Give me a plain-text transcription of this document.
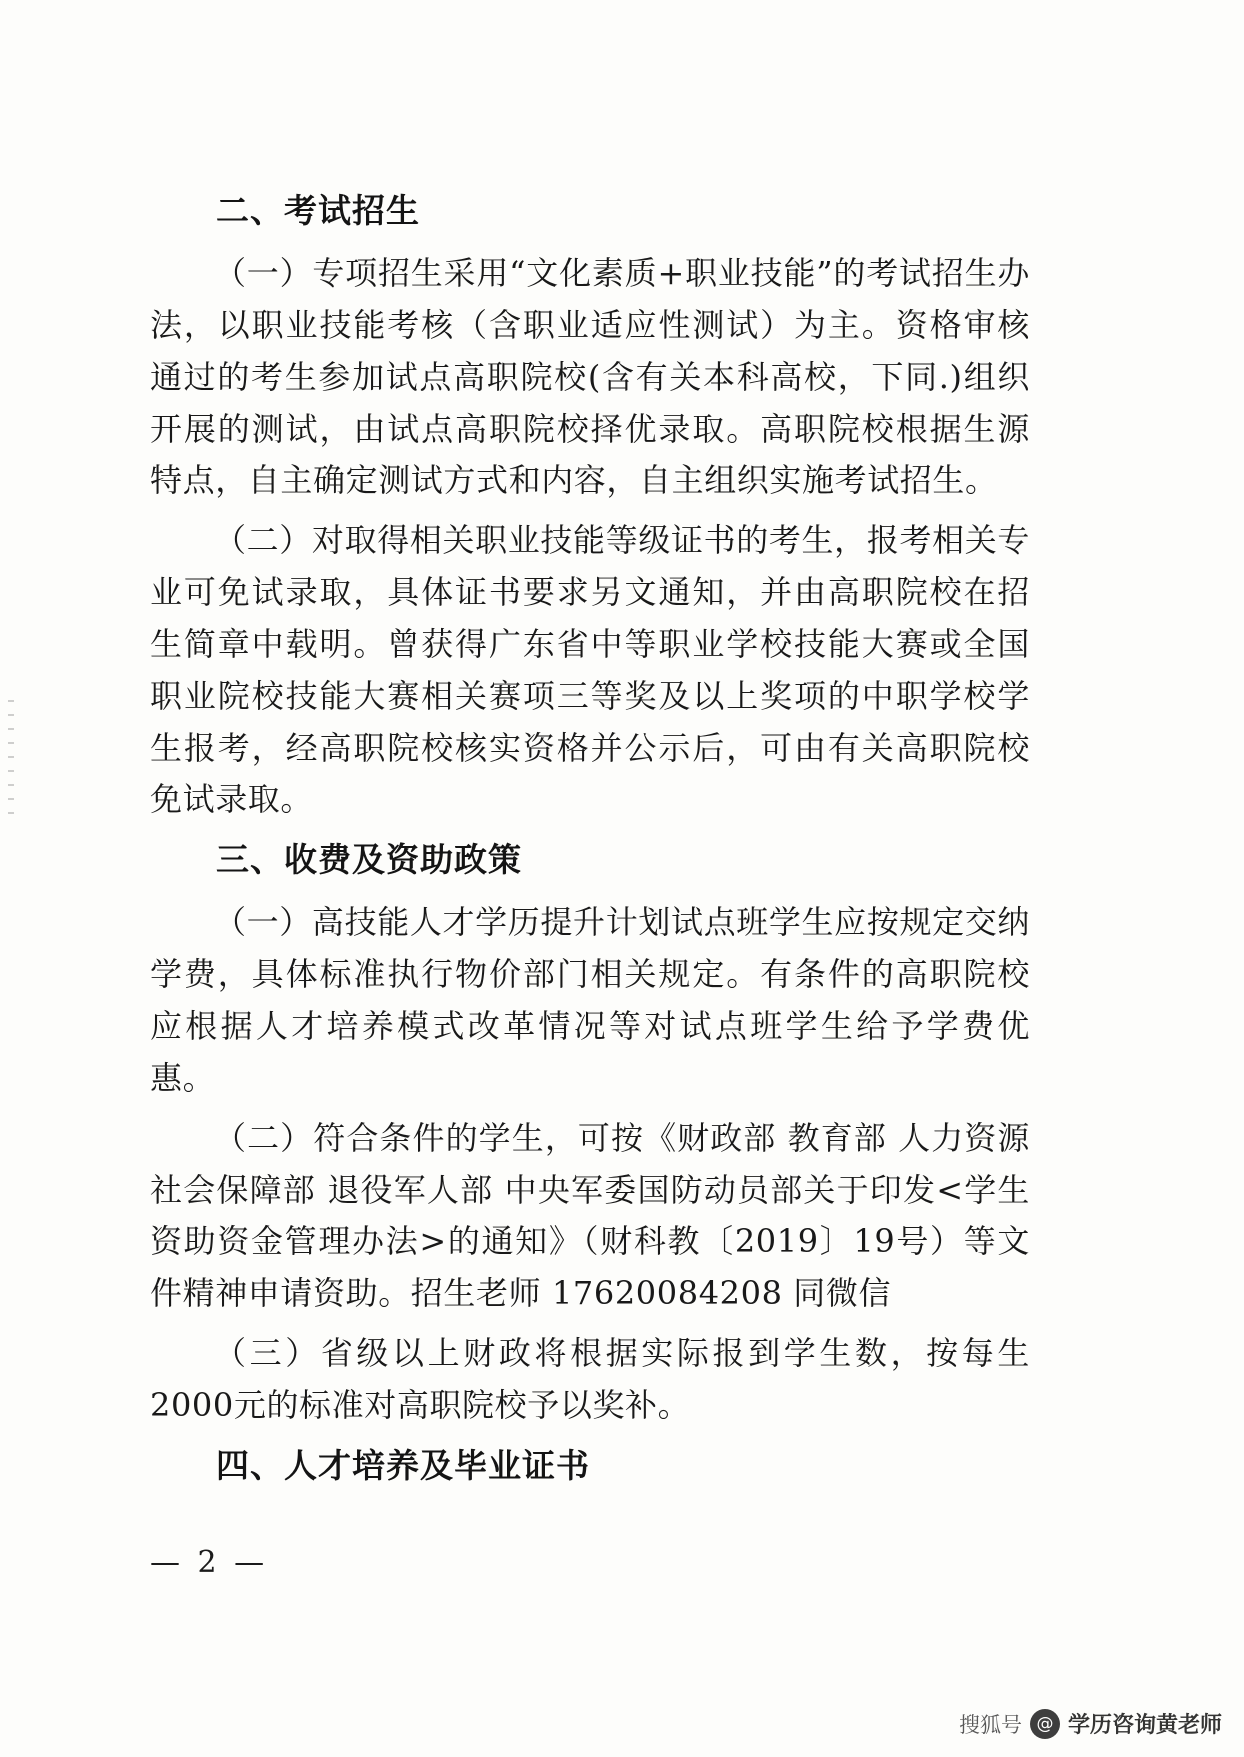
二、考试招生

（一）专项招生采用“文化素质+职业技能”的考试招生办法，以职业技能考核（含职业适应性测试）为主。资格审核通过的考生参加试点高职院校(含有关本科高校，下同.)组织开展的测试，由试点高职院校择优录取。高职院校根据生源特点，自主确定测试方式和内容，自主组织实施考试招生。

（二）对取得相关职业技能等级证书的考生，报考相关专业可免试录取，具体证书要求另文通知，并由高职院校在招生简章中载明。曾获得广东省中等职业学校技能大赛或全国职业院校技能大赛相关赛项三等奖及以上奖项的中职学校学生报考，经高职院校核实资格并公示后，可由有关高职院校免试录取。

三、收费及资助政策

（一）高技能人才学历提升计划试点班学生应按规定交纳学费，具体标准执行物价部门相关规定。有条件的高职院校应根据人才培养模式改革情况等对试点班学生给予学费优惠。

（二）符合条件的学生，可按《财政部 教育部 人力资源社会保障部 退役军人部 中央军委国防动员部关于印发<学生资助资金管理办法>的通知》（财科教〔2019〕19号）等文件精神申请资助。招生老师 17620084208 同微信

（三）省级以上财政将根据实际报到学生数，按每生2000元的标准对高职院校予以奖补。

四、人才培养及毕业证书
— 2 —
搜狐号 @ 学历咨询黄老师
